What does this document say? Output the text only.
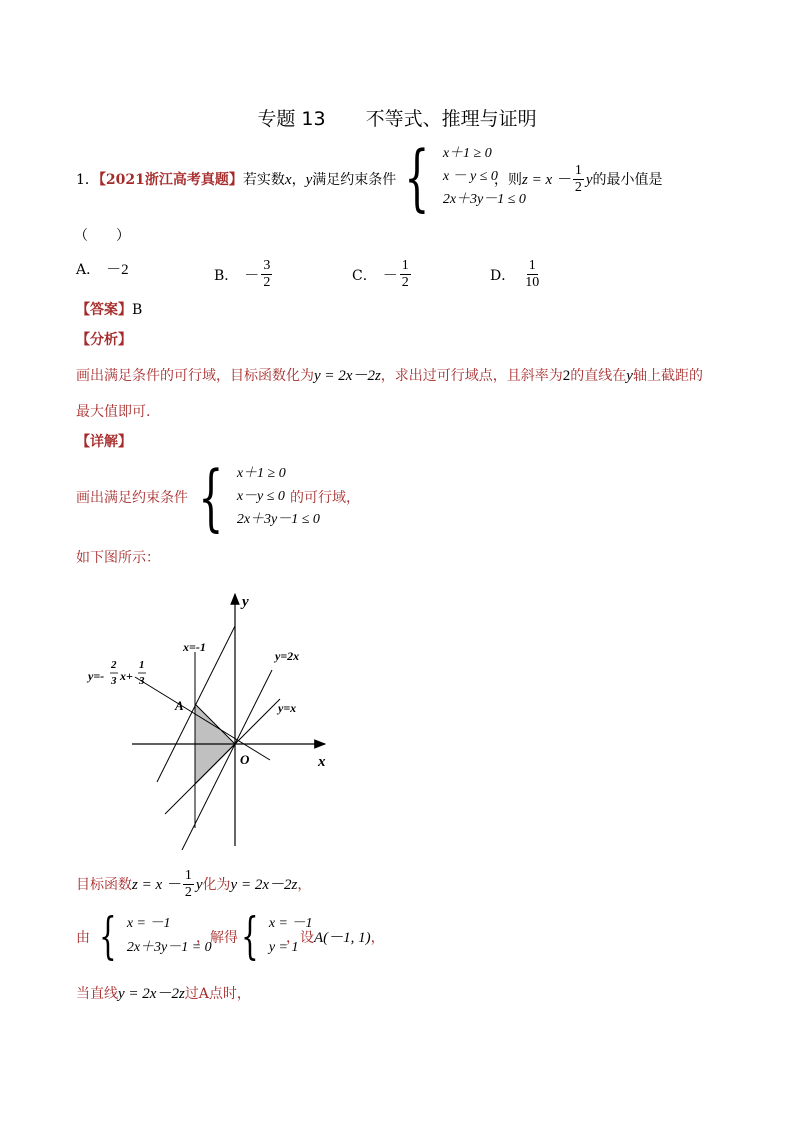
专题 13 不等式、推理与证明
1．【2021浙江高考真题】若实数x，y满足约束条件 { x＋1 ≥ 0
x － y ≤ 0
2x＋3y－1 ≤ 0
，则 $z = x - \frac{1}{2}$ y 的最小值是
（　　）
A． －2	B． － $\frac{3}{2}$	C． － $\frac{1}{2}$	D． $\frac{1}{10}$
【答案】B
【分析】
画出满足条件的可行域，目标函数化为y = 2x－2z，求出过可行域点，且斜率为2的直线在y轴上截距的
最大值即可.
【详解】
画出满足约束条件 { x＋1 ≥ 0
x－y ≤ 0
2x＋3y－1 ≤ 0
的可行域，
如下图所示：
y
x
O
A
x=-1
y=2x
y=x
y=-
2
3 x+
1
3
目标函数 $z = x - \frac{1}{2}$ y 化为 y = 2x－2z ，
由 { x = －1
2x＋3y－1 = 0
，解得 { x = －1
y = 1
，设A(－1, 1)，
当直线y = 2x－2z过A点时，
